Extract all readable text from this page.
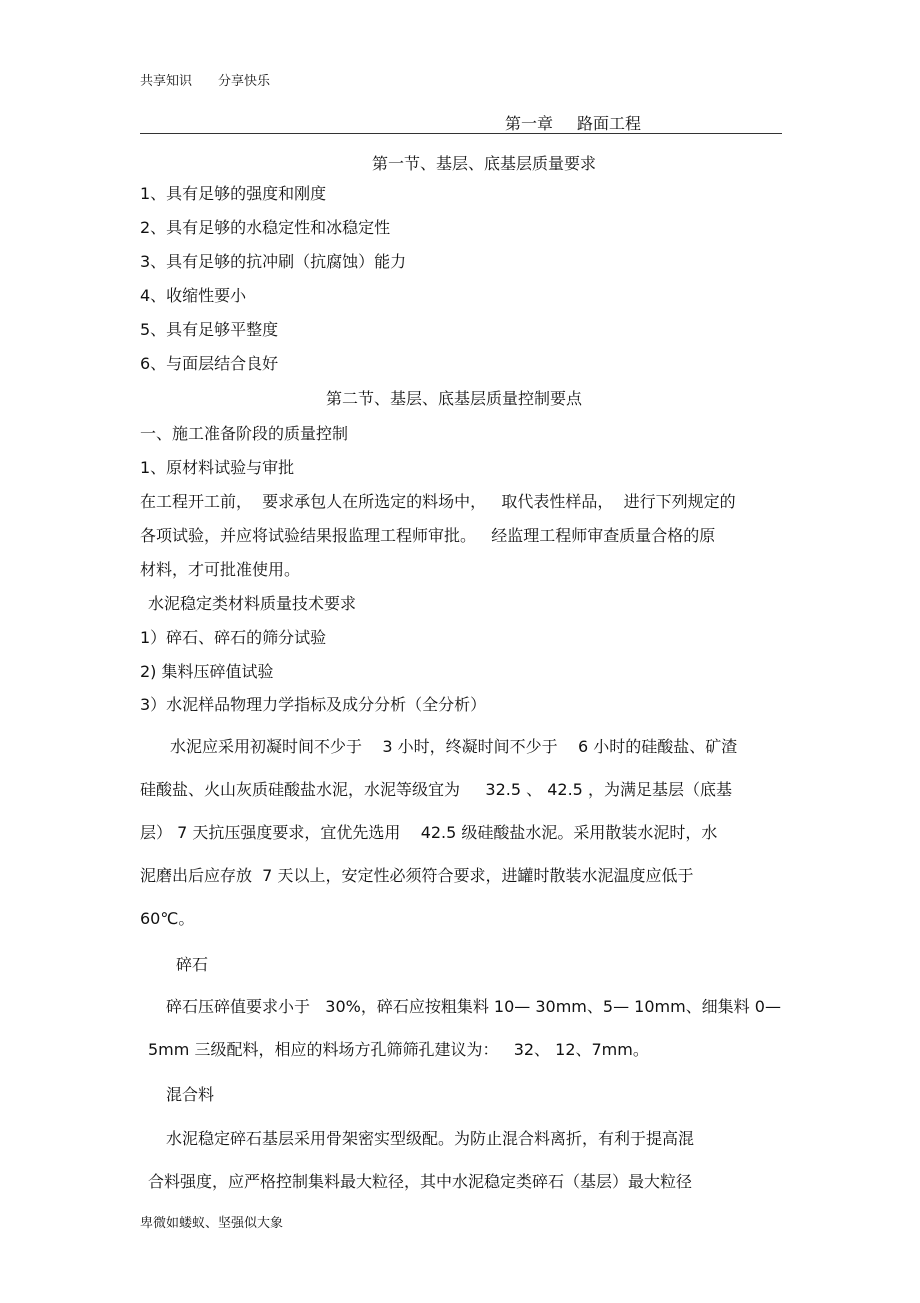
共享知识 分享快乐
第一章 路面工程
第一节、基层、底基层质量要求
1、具有足够的强度和刚度
2、具有足够的水稳定性和冰稳定性
3、具有足够的抗冲刷（抗腐蚀）能力
4、收缩性要小
5、具有足够平整度
6、与面层结合良好
第二节、基层、底基层质量控制要点
一、施工准备阶段的质量控制
1、原材料试验与审批
在工程开工前，  要求承包人在所选定的料场中，   取代表性样品，  进行下列规定的
各项试验，并应将试验结果报监理工程师审批。   经监理工程师审查质量合格的原
材料，才可批准使用。
水泥稳定类材料质量技术要求
1）碎石、碎石的筛分试验
2) 集料压碎值试验
3）水泥样品物理力学指标及成分分析（全分析）
水泥应采用初凝时间不少于    3 小时，终凝时间不少于    6 小时的硅酸盐、矿渣
硅酸盐、火山灰质硅酸盐水泥，水泥等级宜为     32.5 、 42.5 ，为满足基层（底基
层） 7 天抗压强度要求，宜优先选用    42.5 级硅酸盐水泥。采用散装水泥时，水
泥磨出后应存放  7 天以上，安定性必须符合要求，进罐时散装水泥温度应低于
60℃。
碎石
碎石压碎值要求小于   30%，碎石应按粗集料 10— 30mm、5— 10mm、细集料 0—
5mm 三级配料，相应的料场方孔筛筛孔建议为：   32、 12、7mm。
混合料
水泥稳定碎石基层采用骨架密实型级配。为防止混合料离折，有利于提高混
合料强度，应严格控制集料最大粒径，其中水泥稳定类碎石（基层）最大粒径
卑微如蝼蚁、坚强似大象
